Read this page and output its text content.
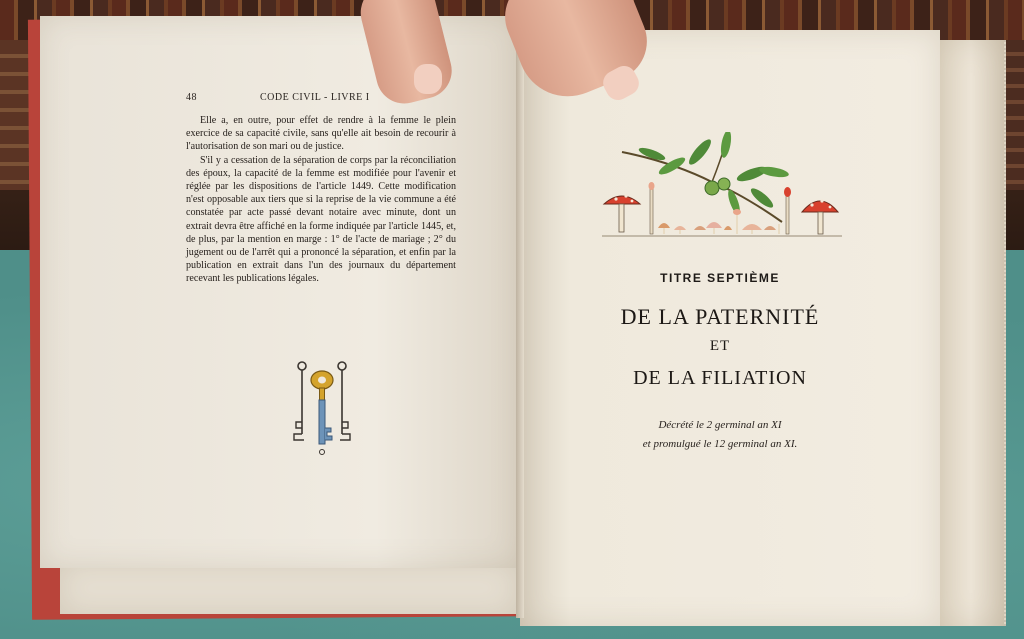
48	CODE CIVIL - LIVRE I

Elle a, en outre, pour effet de rendre à la femme le plein exercice de sa capacité civile, sans qu'elle ait besoin de recourir à l'autorisation de son mari ou de justice.

S'il y a cessation de la séparation de corps par la réconciliation des époux, la capacité de la femme est modifiée pour l'avenir et réglée par les dispositions de l'article 1449. Cette modification n'est opposable aux tiers que si la reprise de la vie commune a été constatée par acte passé devant notaire avec minute, dont un extrait devra être affiché en la forme indiquée par l'article 1445, et, de plus, par la mention en marge : 1° de l'acte de mariage ; 2° du jugement ou de l'arrêt qui a prononcé la séparation, et enfin par la publication en extrait dans l'un des journaux du département recevant les publications légales.	TITRE SEPTIÈME
DE LA PATERNITÉ
ET
DE LA FILIATION
Décrété le 2 germinal an XI
et promulgué le 12 germinal an XI.
